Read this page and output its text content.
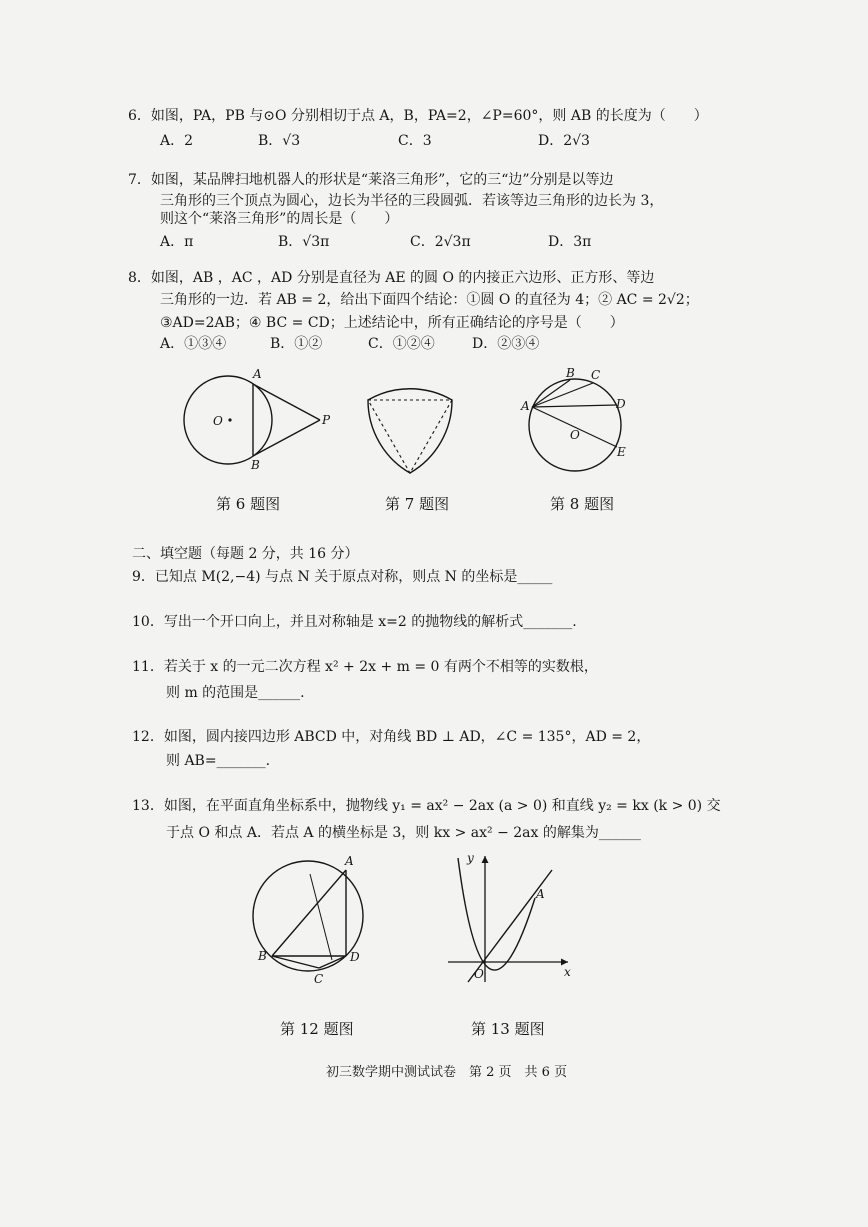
6．如图，PA，PB 与⊙O 分别相切于点 A，B，PA=2，∠P=60°，则 AB 的长度为（　　）
A．2	B．√3	C．3	D．2√3
7．如图，某品牌扫地机器人的形状是“莱洛三角形”，它的三“边”分别是以等边
三角形的三个顶点为圆心，边长为半径的三段圆弧．若该等边三角形的边长为 3，
则这个“莱洛三角形”的周长是（　　）
A．π	B．√3π	C．2√3π	D．3π
8．如图，AB ，AC ，AD 分别是直径为 AE 的圆 O 的内接正六边形、正方形、等边
三角形的一边．若 AB = 2，给出下面四个结论：①圆 O 的直径为 4；② AC = 2√2；
③AD=2AB；④ BC = CD；上述结论中，所有正确结论的序号是（　　）
A．①③④	B．①②	C．①②④	D．②③④
O
A
B
P
A
B C
D
O
E
第 6 题图	第 7 题图	第 8 题图
二、填空题（每题 2 分，共 16 分）
9．已知点 M(2,−4) 与点 N 关于原点对称，则点 N 的坐标是_____
10．写出一个开口向上，并且对称轴是 x=2 的抛物线的解析式_______.
11．若关于 x 的一元二次方程 x² + 2x + m = 0 有两个不相等的实数根，
则 m 的范围是______.
12．如图，圆内接四边形 ABCD 中，对角线 BD ⊥ AD，∠C = 135°，AD = 2，
则 AB=_______.
13．如图，在平面直角坐标系中，抛物线 y₁ = ax² − 2ax (a > 0) 和直线 y₂ = kx (k > 0) 交
于点 O 和点 A．若点 A 的横坐标是 3，则 kx > ax² − 2ax 的解集为______
A
B
C
D
y
x
O
A
第 12 题图	第 13 题图
初三数学期中测试试卷　第 2 页　共 6 页
